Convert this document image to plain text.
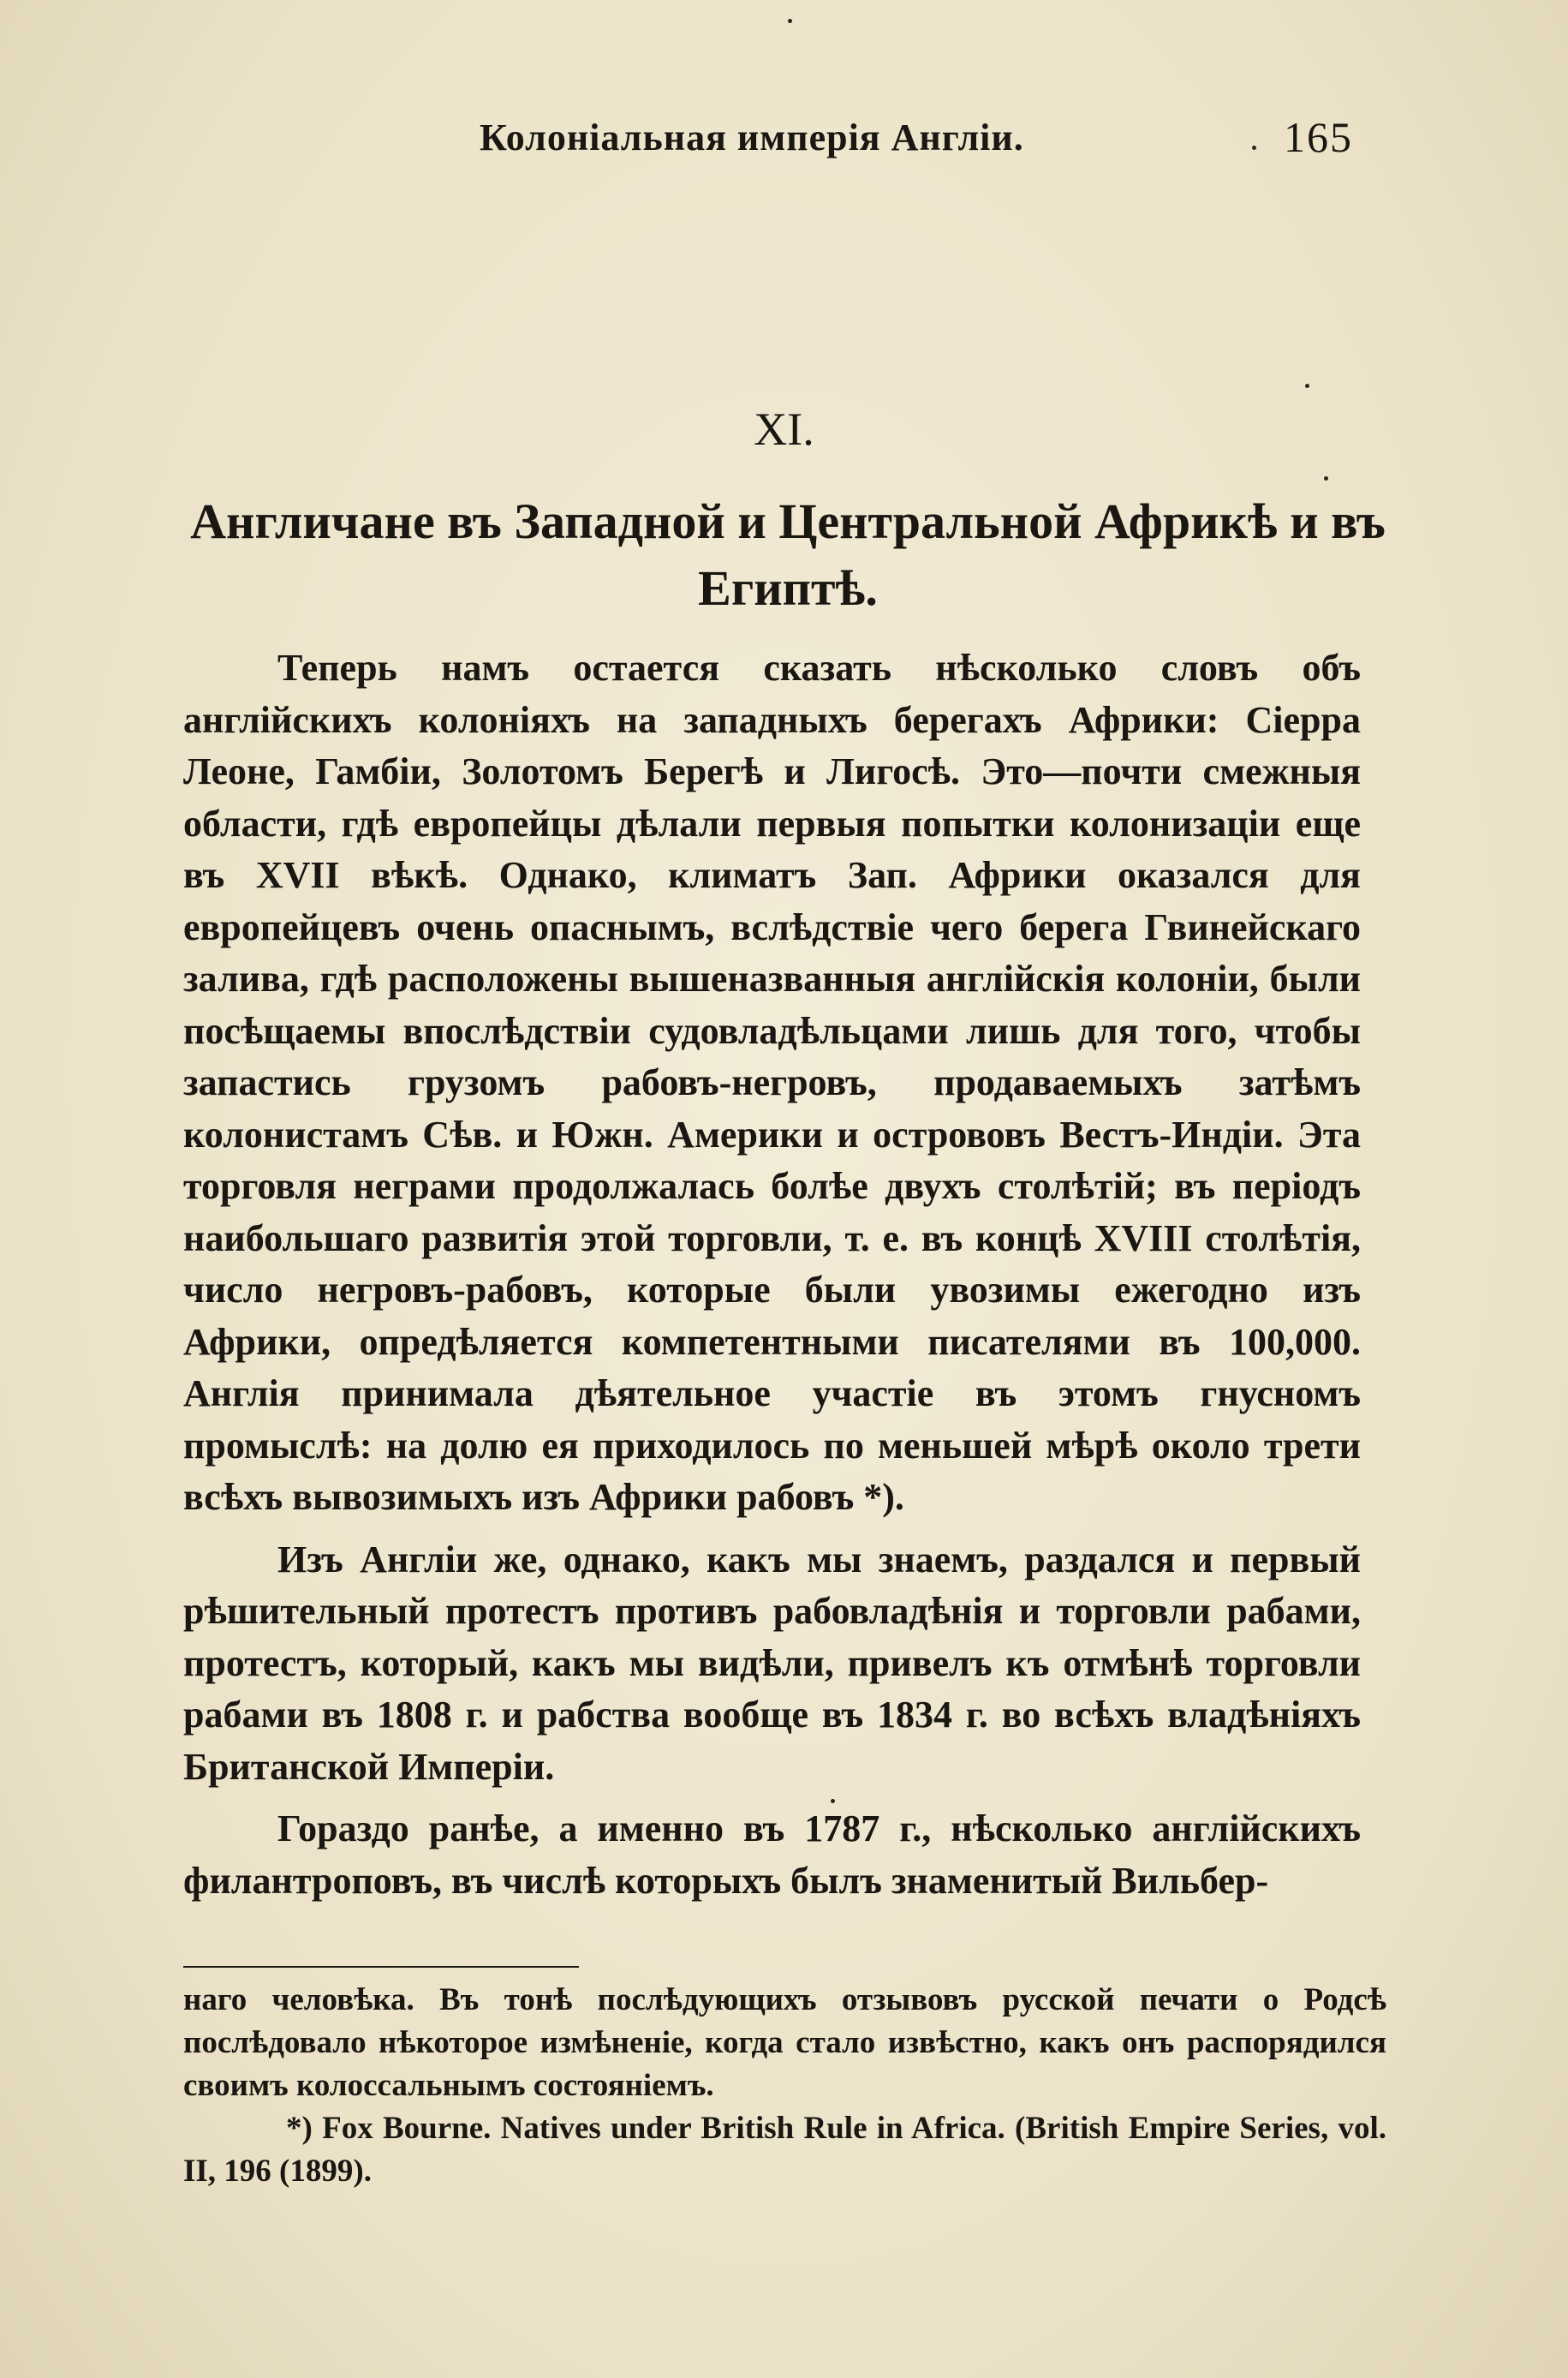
Колоніальная имперія Англіи.	165
XI.
Англичане въ Западной и Центральной Африкѣ и въ Египтѣ.

Теперь намъ остается сказать нѣсколько словъ объ англійскихъ колоніяхъ на западныхъ берегахъ Африки: Сіерра Леоне, Гамбіи, Золотомъ Берегѣ и Лигосѣ. Это—почти смежныя области, гдѣ европейцы дѣлали первыя попытки колонизаціи еще въ XVII вѣкѣ. Однако, климатъ Зап. Африки оказался для европейцевъ очень опаснымъ, вслѣдствіе чего берега Гвинейскаго залива, гдѣ расположены вышеназванныя англійскія колоніи, были посѣщаемы впослѣдствіи судовладѣльцами лишь для того, чтобы запастись грузомъ рабовъ-негровъ, продаваемыхъ затѣмъ колонистамъ Сѣв. и Южн. Америки и острововъ Вестъ-Индіи. Эта торговля неграми продолжалась болѣе двухъ столѣтій; въ періодъ наибольшаго развитія этой торговли, т. е. въ концѣ XVIII столѣтія, число негровъ-рабовъ, которые были увозимы ежегодно изъ Африки, опредѣляется компетентными писателями въ 100,000. Англія принимала дѣятельное участіе въ этомъ гнусномъ промыслѣ: на долю ея приходилось по меньшей мѣрѣ около трети всѣхъ вывозимыхъ изъ Африки рабовъ *).

Изъ Англіи же, однако, какъ мы знаемъ, раздался и первый рѣшительный протестъ противъ рабовладѣнія и торговли рабами, протестъ, который, какъ мы видѣли, привелъ къ отмѣнѣ торговли рабами въ 1808 г. и рабства вообще въ 1834 г. во всѣхъ владѣніяхъ Британской Имперіи.

Гораздо ранѣе, а именно въ 1787 г., нѣсколько англійскихъ филантроповъ, въ числѣ которыхъ былъ знаменитый Вильбер-

наго человѣка. Въ тонѣ послѣдующихъ отзывовъ русской печати о Родсѣ послѣдовало нѣкоторое измѣненіе, когда стало извѣстно, какъ онъ распорядился своимъ колоссальнымъ состояніемъ.

*) Fox Bourne. Natives under British Rule in Africa. (British Empire Series, vol. II, 196 (1899).
